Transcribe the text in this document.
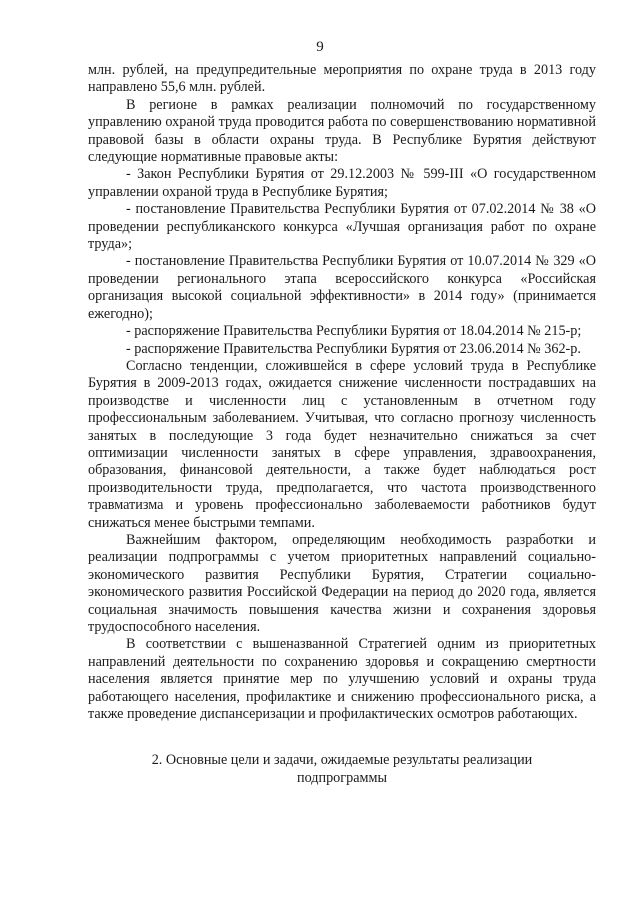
9

млн. рублей, на предупредительные мероприятия по охране труда в 2013 году направлено 55,6 млн. рублей.

В регионе в рамках реализации полномочий по государственному управлению охраной труда проводится работа по совершенствованию нормативной правовой базы в области охраны труда. В Республике Бурятия действуют следующие нормативные правовые акты:

- Закон Республики Бурятия от 29.12.2003 № 599-III «О государственном управлении охраной труда в Республике Бурятия;

- постановление Правительства Республики Бурятия от 07.02.2014 № 38 «О проведении республиканского конкурса «Лучшая организация работ по охране труда»;

- постановление Правительства Республики Бурятия от 10.07.2014 № 329 «О проведении регионального этапа всероссийского конкурса «Российская организация высокой социальной эффективности» в 2014 году» (принимается ежегодно);

- распоряжение Правительства Республики Бурятия от 18.04.2014 № 215-р;

- распоряжение Правительства Республики Бурятия от 23.06.2014 № 362-р.

Согласно тенденции, сложившейся в сфере условий труда в Республике Бурятия в 2009-2013 годах, ожидается снижение численности пострадавших на производстве и численности лиц с установленным в отчетном году профессиональным заболеванием. Учитывая, что согласно прогнозу численность занятых в последующие 3 года будет незначительно снижаться за счет оптимизации численности занятых в сфере управления, здравоохранения, образования, финансовой деятельности, а также будет наблюдаться рост производительности труда, предполагается, что частота производственного травматизма и уровень профессионально заболеваемости работников будут снижаться менее быстрыми темпами.

Важнейшим фактором, определяющим необходимость разработки и реализации подпрограммы с учетом приоритетных направлений социально-экономического развития Республики Бурятия, Стратегии социально-экономического развития Российской Федерации на период до 2020 года, является социальная значимость повышения качества жизни и сохранения здоровья трудоспособного населения.

В соответствии с вышеназванной Стратегией одним из приоритетных направлений деятельности по сохранению здоровья и сокращению смертности населения является принятие мер по улучшению условий и охраны труда работающего населения, профилактике и снижению профессионального риска, а также проведение диспансеризации и профилактических осмотров работающих.

2. Основные цели и задачи, ожидаемые результаты реализации
подпрограммы
